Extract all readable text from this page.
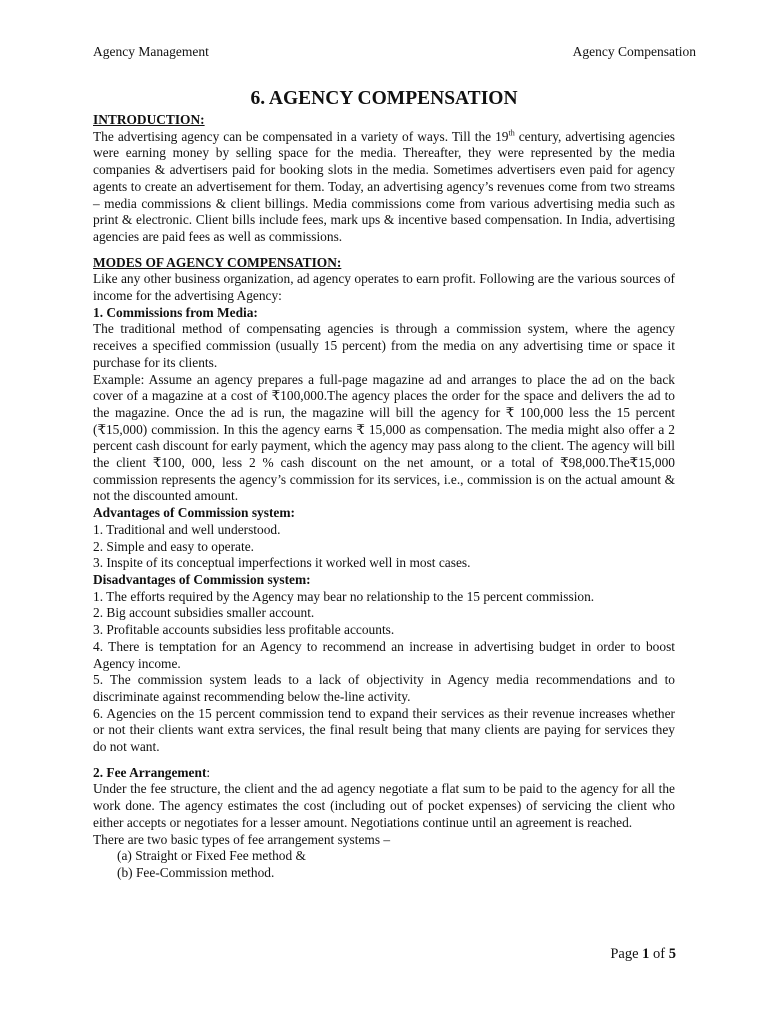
Agency Management	Agency Compensation
6. AGENCY COMPENSATION

INTRODUCTION:

The advertising agency can be compensated in a variety of ways. Till the 19th century, advertising agencies were earning money by selling space for the media. Thereafter, they were represented by the media companies & advertisers paid for booking slots in the media. Sometimes advertisers even paid for agency agents to create an advertisement for them. Today, an advertising agency’s revenues come from two streams – media commissions & client billings. Media commissions come from various advertising media such as print & electronic. Client bills include fees, mark ups & incentive based compensation. In India, advertising agencies are paid fees as well as commissions.

MODES OF AGENCY COMPENSATION:

Like any other business organization, ad agency operates to earn profit. Following are the various sources of income for the advertising Agency:

1. Commissions from Media:

The traditional method of compensating agencies is through a commission system, where the agency receives a specified commission (usually 15 percent) from the media on any advertising time or space it purchase for its clients.

Example: Assume an agency prepares a full-page magazine ad and arranges to place the ad on the back cover of a magazine at a cost of ₹100,000.The agency places the order for the space and delivers the ad to the magazine. Once the ad is run, the magazine will bill the agency for ₹ 100,000 less the 15 percent (₹15,000) commission. In this the agency earns ₹ 15,000 as compensation. The media might also offer a 2 percent cash discount for early payment, which the agency may pass along to the client. The agency will bill the client ₹100, 000, less 2 % cash discount on the net amount, or a total of ₹98,000.The₹15,000 commission represents the agency’s commission for its services, i.e., commission is on the actual amount & not the discounted amount.

Advantages of Commission system:

1. Traditional and well understood.

2. Simple and easy to operate.

3. Inspite of its conceptual imperfections it worked well in most cases.

Disadvantages of Commission system:

1. The efforts required by the Agency may bear no relationship to the 15 percent commission.

2. Big account subsidies smaller account.

3. Profitable accounts subsidies less profitable accounts.

4. There is temptation for an Agency to recommend an increase in advertising budget in order to boost Agency income.

5. The commission system leads to a lack of objectivity in Agency media recommendations and to discriminate against recommending below the-line activity.

6. Agencies on the 15 percent commission tend to expand their services as their revenue increases whether or not their clients want extra services, the final result being that many clients are paying for services they do not want.

2. Fee Arrangement:

Under the fee structure, the client and the ad agency negotiate a flat sum to be paid to the agency for all the work done. The agency estimates the cost (including out of pocket expenses) of servicing the client who either accepts or negotiates for a lesser amount. Negotiations continue until an agreement is reached.

There are two basic types of fee arrangement systems –

(a) Straight or Fixed Fee method &

(b) Fee-Commission method.

Page 1 of 5
